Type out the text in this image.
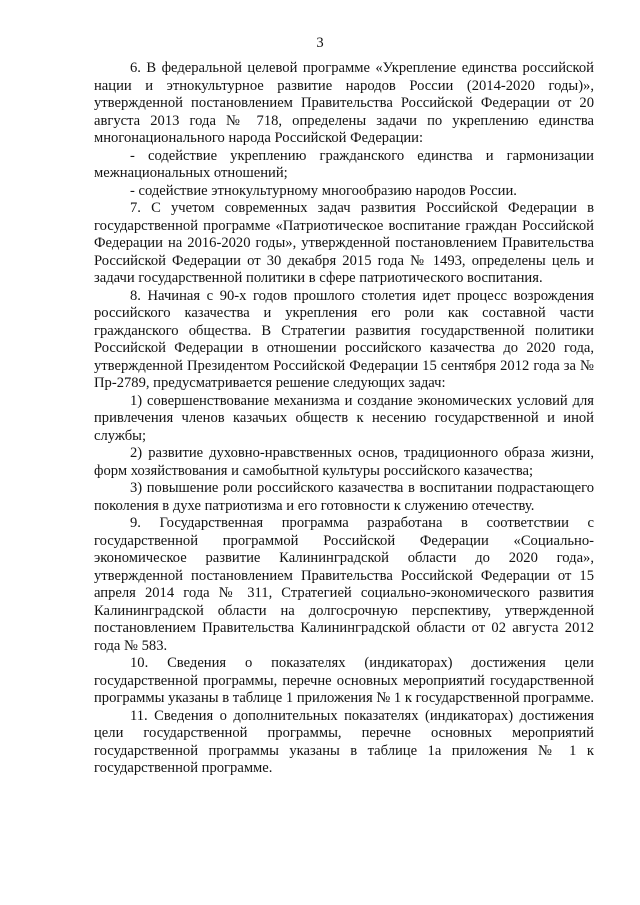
3

6. В федеральной целевой программе «Укрепление единства российской нации и этнокультурное развитие народов России (2014-2020 годы)», утвержденной постановлением Правительства Российской Федерации от 20 августа 2013 года № 718, определены задачи по укреплению единства многонационального народа Российской Федерации:

- содействие укреплению гражданского единства и гармонизации межнациональных отношений;

- содействие этнокультурному многообразию народов России.

7. С учетом современных задач развития Российской Федерации в государственной программе «Патриотическое воспитание граждан Российской Федерации на 2016-2020 годы», утвержденной постановлением Правительства Российской Федерации от 30 декабря 2015 года № 1493, определены цель и задачи государственной политики в сфере патриотического воспитания.

8. Начиная с 90-х годов прошлого столетия идет процесс возрождения российского казачества и укрепления его роли как составной части гражданского общества. В Стратегии развития государственной политики Российской Федерации в отношении российского казачества до 2020 года, утвержденной Президентом Российской Федерации 15 сентября 2012 года за № Пр-2789, предусматривается решение следующих задач:

1) совершенствование механизма и создание экономических условий для привлечения членов казачьих обществ к несению государственной и иной службы;

2) развитие духовно-нравственных основ, традиционного образа жизни, форм хозяйствования и самобытной культуры российского казачества;

3) повышение роли российского казачества в воспитании подрастающего поколения в духе патриотизма и его готовности к служению отечеству.

9. Государственная программа разработана в соответствии с государственной программой Российской Федерации «Социально-экономическое развитие Калининградской области до 2020 года», утвержденной постановлением Правительства Российской Федерации от 15 апреля 2014 года № 311, Стратегией социально-экономического развития Калининградской области на долгосрочную перспективу, утвержденной постановлением Правительства Калининградской области от 02 августа 2012 года № 583.

10. Сведения о показателях (индикаторах) достижения цели государственной программы, перечне основных мероприятий государственной программы указаны в таблице 1 приложения № 1 к государственной программе.

11. Сведения о дополнительных показателях (индикаторах) достижения цели государственной программы, перечне основных мероприятий государственной программы указаны в таблице 1а приложения № 1 к государственной программе.
